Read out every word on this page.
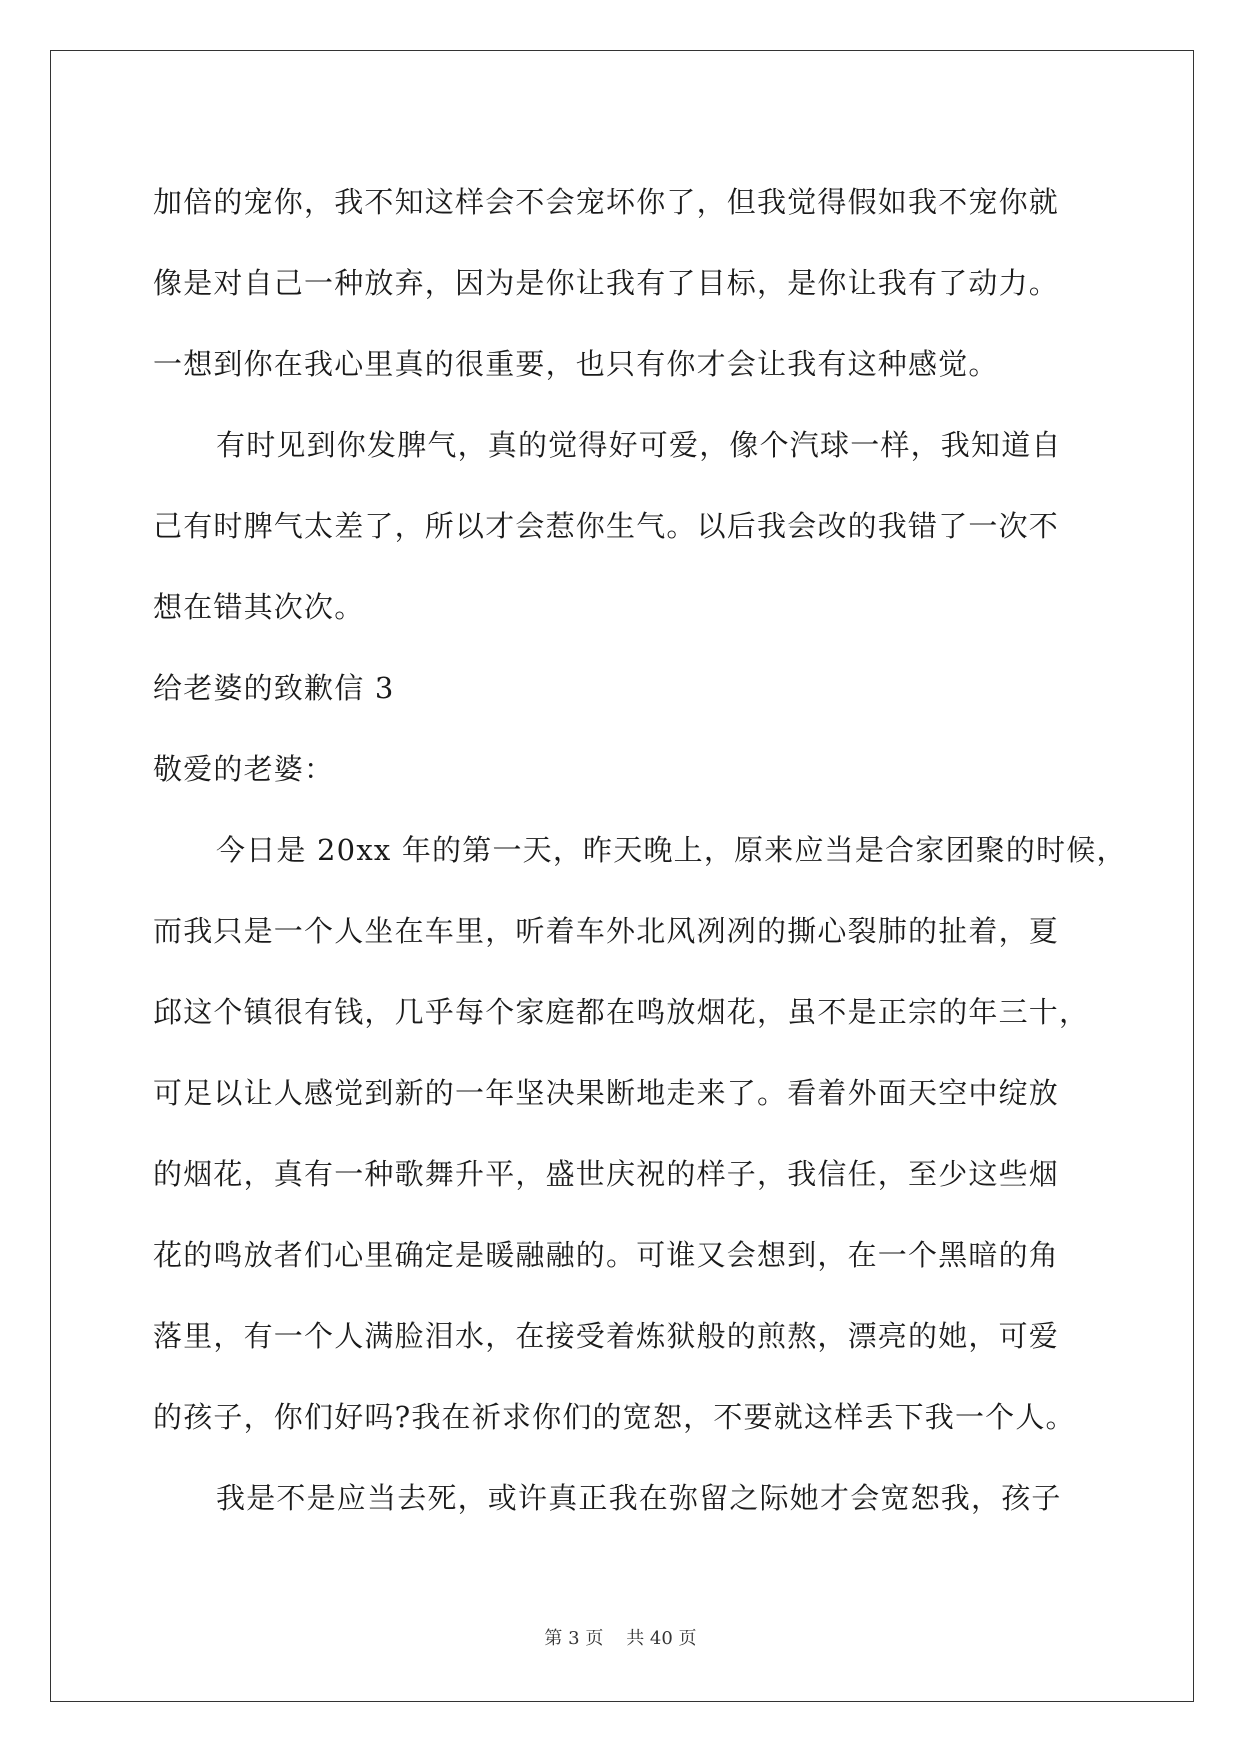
加倍的宠你，我不知这样会不会宠坏你了，但我觉得假如我不宠你就
像是对自己一种放弃，因为是你让我有了目标，是你让我有了动力。
一想到你在我心里真的很重要，也只有你才会让我有这种感觉。
有时见到你发脾气，真的觉得好可爱，像个汽球一样，我知道自
己有时脾气太差了，所以才会惹你生气。以后我会改的我错了一次不
想在错其次次。
给老婆的致歉信 3
敬爱的老婆：
今日是 20xx 年的第一天，昨天晚上，原来应当是合家团聚的时候，
而我只是一个人坐在车里，听着车外北风冽冽的撕心裂肺的扯着，夏
邱这个镇很有钱，几乎每个家庭都在鸣放烟花，虽不是正宗的年三十，
可足以让人感觉到新的一年坚决果断地走来了。看着外面天空中绽放
的烟花，真有一种歌舞升平，盛世庆祝的样子，我信任，至少这些烟
花的鸣放者们心里确定是暖融融的。可谁又会想到，在一个黑暗的角
落里，有一个人满脸泪水，在接受着炼狱般的煎熬，漂亮的她，可爱
的孩子，你们好吗?我在祈求你们的宽恕，不要就这样丢下我一个人。
我是不是应当去死，或许真正我在弥留之际她才会宽恕我，孩子
第 3 页    共 40 页
